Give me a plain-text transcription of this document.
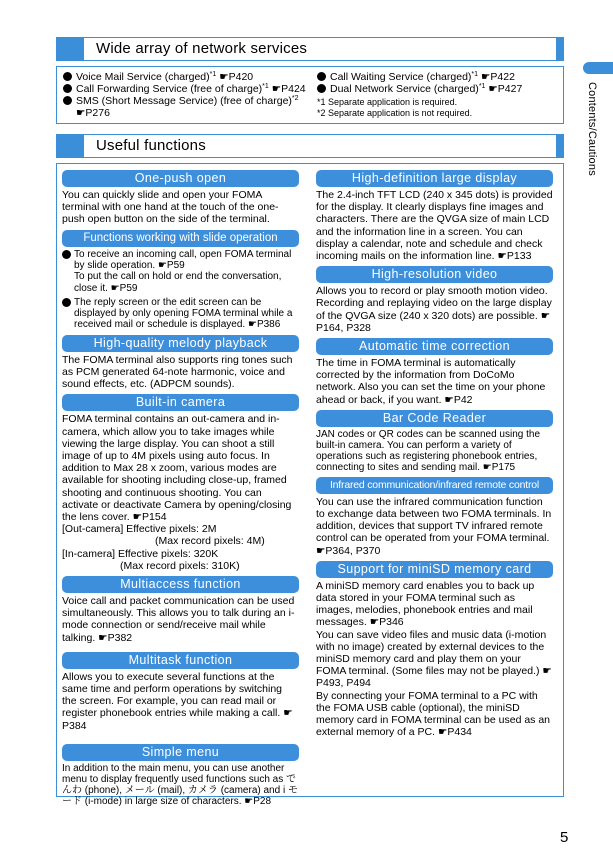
Wide array of network services
Voice Mail Service (charged)$^{*1}$ ☛P420
Call Forwarding Service (free of charge)$^{*1}$ ☛P424
SMS (Short Message Service) (free of charge)$^{*2}$
☛P276
Call Waiting Service (charged)$^{*1}$ ☛P422
Dual Network Service (charged)$^{*1}$ ☛P427
*1 Separate application is required.
*2 Separate application is not required.	Contents/Cautions
Useful functions
One-push open

You can quickly slide and open your FOMA terminal with one hand at the touch of the one-push open button on the side of the terminal.

Functions working with slide operation

To receive an incoming call, open FOMA terminal by slide operation. ☛P59
To put the call on hold or end the conversation, close it. ☛P59

The reply screen or the edit screen can be displayed by only opening FOMA terminal while a received mail or schedule is displayed. ☛P386

High-quality melody playback

The FOMA terminal also supports ring tones such as PCM generated 64-note harmonic, voice and sound effects, etc. (ADPCM sounds).

Built-in camera

FOMA terminal contains an out-camera and in-camera, which allow you to take images while viewing the large display. You can shoot a still image of up to 4M pixels using auto focus. In addition to Max 28 x zoom, various modes are available for shooting including close-up, framed shooting and continuous shooting. You can activate or deactivate Camera by opening/closing the lens cover. ☛P154

[Out-camera] Effective pixels: 2M
(Max record pixels: 4M)
[In-camera] Effective pixels: 320K
(Max record pixels: 310K)
Multiaccess function

Voice call and packet communication can be used simultaneously. This allows you to talk during an i-mode connection or send/receive mail while talking. ☛P382

Multitask function

Allows you to execute several functions at the same time and perform operations by switching the screen. For example, you can read mail or register phonebook entries while making a call. ☛P384

Simple menu

In addition to the main menu, you can use another menu to display frequently used functions such as でんわ (phone), メール (mail), カメラ (camera) and i モード (i-mode) in large size of characters. ☛P28

High-definition large display

The 2.4-inch TFT LCD (240 x 345 dots) is provided for the display. It clearly displays fine images and characters. There are the QVGA size of main LCD and the information line in a screen. You can display a calendar, note and schedule and check incoming mails on the information line. ☛P133

High-resolution video

Allows you to record or play smooth motion video. Recording and replaying video on the large display of the QVGA size (240 x 320 dots) are possible. ☛P164, P328

Automatic time correction

The time in FOMA terminal is automatically corrected by the information from DoCoMo network. Also you can set the time on your phone ahead or back, if you want. ☛P42

Bar Code Reader

JAN codes or QR codes can be scanned using the built-in camera. You can perform a variety of operations such as registering phonebook entries, connecting to sites and sending mail. ☛P175

Infrared communication/infrared remote control

You can use the infrared communication function to exchange data between two FOMA terminals. In addition, devices that support TV infrared remote control can be operated from your FOMA terminal. ☛P364, P370

Support for miniSD memory card

A miniSD memory card enables you to back up data stored in your FOMA terminal such as images, melodies, phonebook entries and mail messages. ☛P346

You can save video files and music data (i-motion with no image) created by external devices to the miniSD memory card and play them on your FOMA terminal. (Some files may not be played.) ☛P493, P494

By connecting your FOMA terminal to a PC with the FOMA USB cable (optional), the miniSD memory card in FOMA terminal can be used as an external memory of a PC. ☛P434

5
